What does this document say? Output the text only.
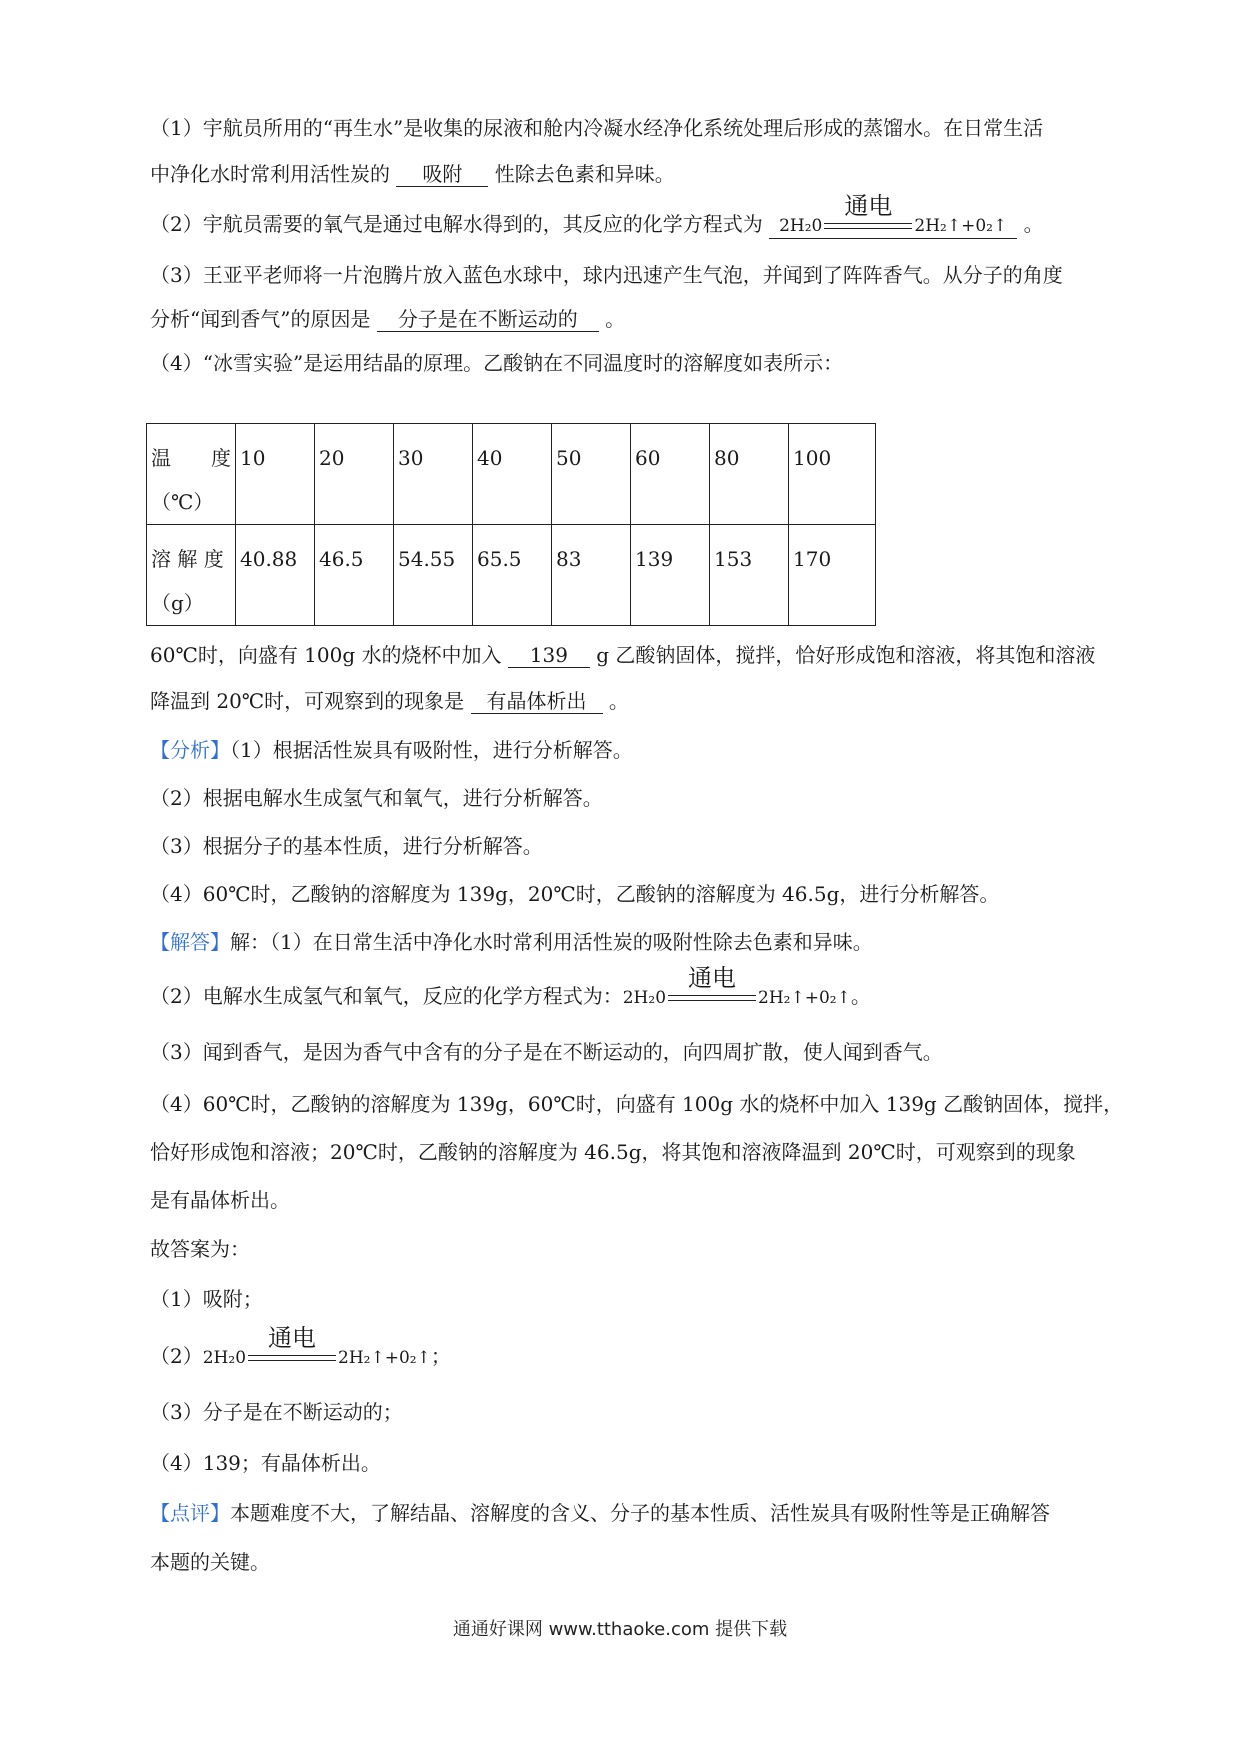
（1）宇航员所用的“再生水”是收集的尿液和舱内冷凝水经净化系统处理后形成的蒸馏水。在日常生活
中净化水时常利用活性炭的 吸附 性除去色素和异味。
（2）宇航员需要的氧气是通过电解水得到的，其反应的化学方程式为 2H₂0
通电
2H₂↑+0₂↑ 。
（3）王亚平老师将一片泡腾片放入蓝色水球中，球内迅速产生气泡，并闻到了阵阵香气。从分子的角度
分析“闻到香气”的原因是 分子是在不断运动的 。
（4）“冰雪实验”是运用结晶的原理。乙酸钠在不同温度时的溶解度如表所示：
温　　度
（℃）	10	20	30	40	50	60	80	100

溶 解 度
（g）	40.88	46.5	54.55	65.5	83	139	153	170
60℃时，向盛有 100g 水的烧杯中加入 139 g 乙酸钠固体，搅拌，恰好形成饱和溶液，将其饱和溶液
降温到 20℃时，可观察到的现象是 有晶体析出 。
【分析】（1）根据活性炭具有吸附性，进行分析解答。
（2）根据电解水生成氢气和氧气，进行分析解答。
（3）根据分子的基本性质，进行分析解答。
（4）60℃时，乙酸钠的溶解度为 139g，20℃时，乙酸钠的溶解度为 46.5g，进行分析解答。
【解答】解：（1）在日常生活中净化水时常利用活性炭的吸附性除去色素和异味。
（2）电解水生成氢气和氧气，反应的化学方程式为：2H₂0
通电
2H₂↑+0₂↑。
（3）闻到香气，是因为香气中含有的分子是在不断运动的，向四周扩散，使人闻到香气。
（4）60℃时，乙酸钠的溶解度为 139g，60℃时，向盛有 100g 水的烧杯中加入 139g 乙酸钠固体，搅拌，
恰好形成饱和溶液；20℃时，乙酸钠的溶解度为 46.5g，将其饱和溶液降温到 20℃时，可观察到的现象
是有晶体析出。
故答案为：
（1）吸附；
（2）2H₂0
通电
2H₂↑+0₂↑；
（3）分子是在不断运动的；
（4）139；有晶体析出。
【点评】本题难度不大，了解结晶、溶解度的含义、分子的基本性质、活性炭具有吸附性等是正确解答
本题的关键。
通通好课网 www.tthaoke.com 提供下载
